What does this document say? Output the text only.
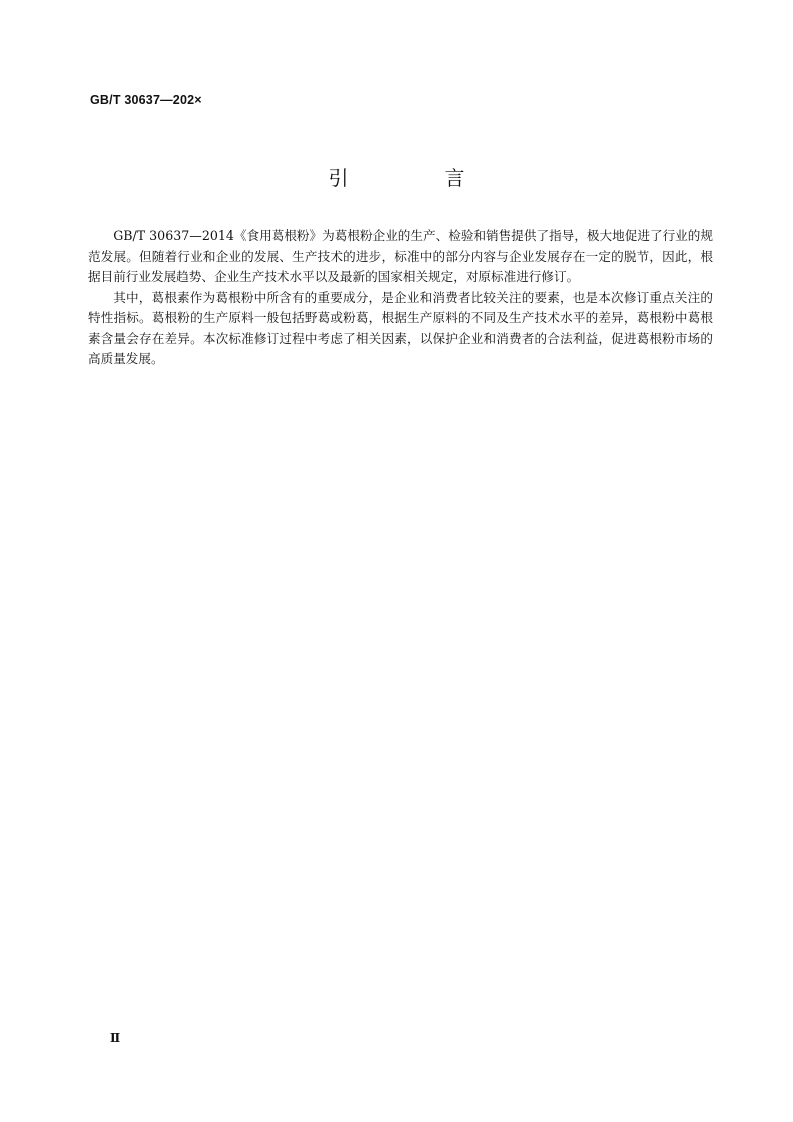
GB/T 30637—202×
引　言

GB/T 30637—2014《食用葛根粉》为葛根粉企业的生产、检验和销售提供了指导，极大地促进了行业的规范发展。但随着行业和企业的发展、生产技术的进步，标准中的部分内容与企业发展存在一定的脱节，因此，根据目前行业发展趋势、企业生产技术水平以及最新的国家相关规定，对原标准进行修订。

其中，葛根素作为葛根粉中所含有的重要成分，是企业和消费者比较关注的要素，也是本次修订重点关注的特性指标。葛根粉的生产原料一般包括野葛或粉葛，根据生产原料的不同及生产技术水平的差异，葛根粉中葛根素含量会存在差异。本次标准修订过程中考虑了相关因素，以保护企业和消费者的合法利益，促进葛根粉市场的高质量发展。

Ⅱ
